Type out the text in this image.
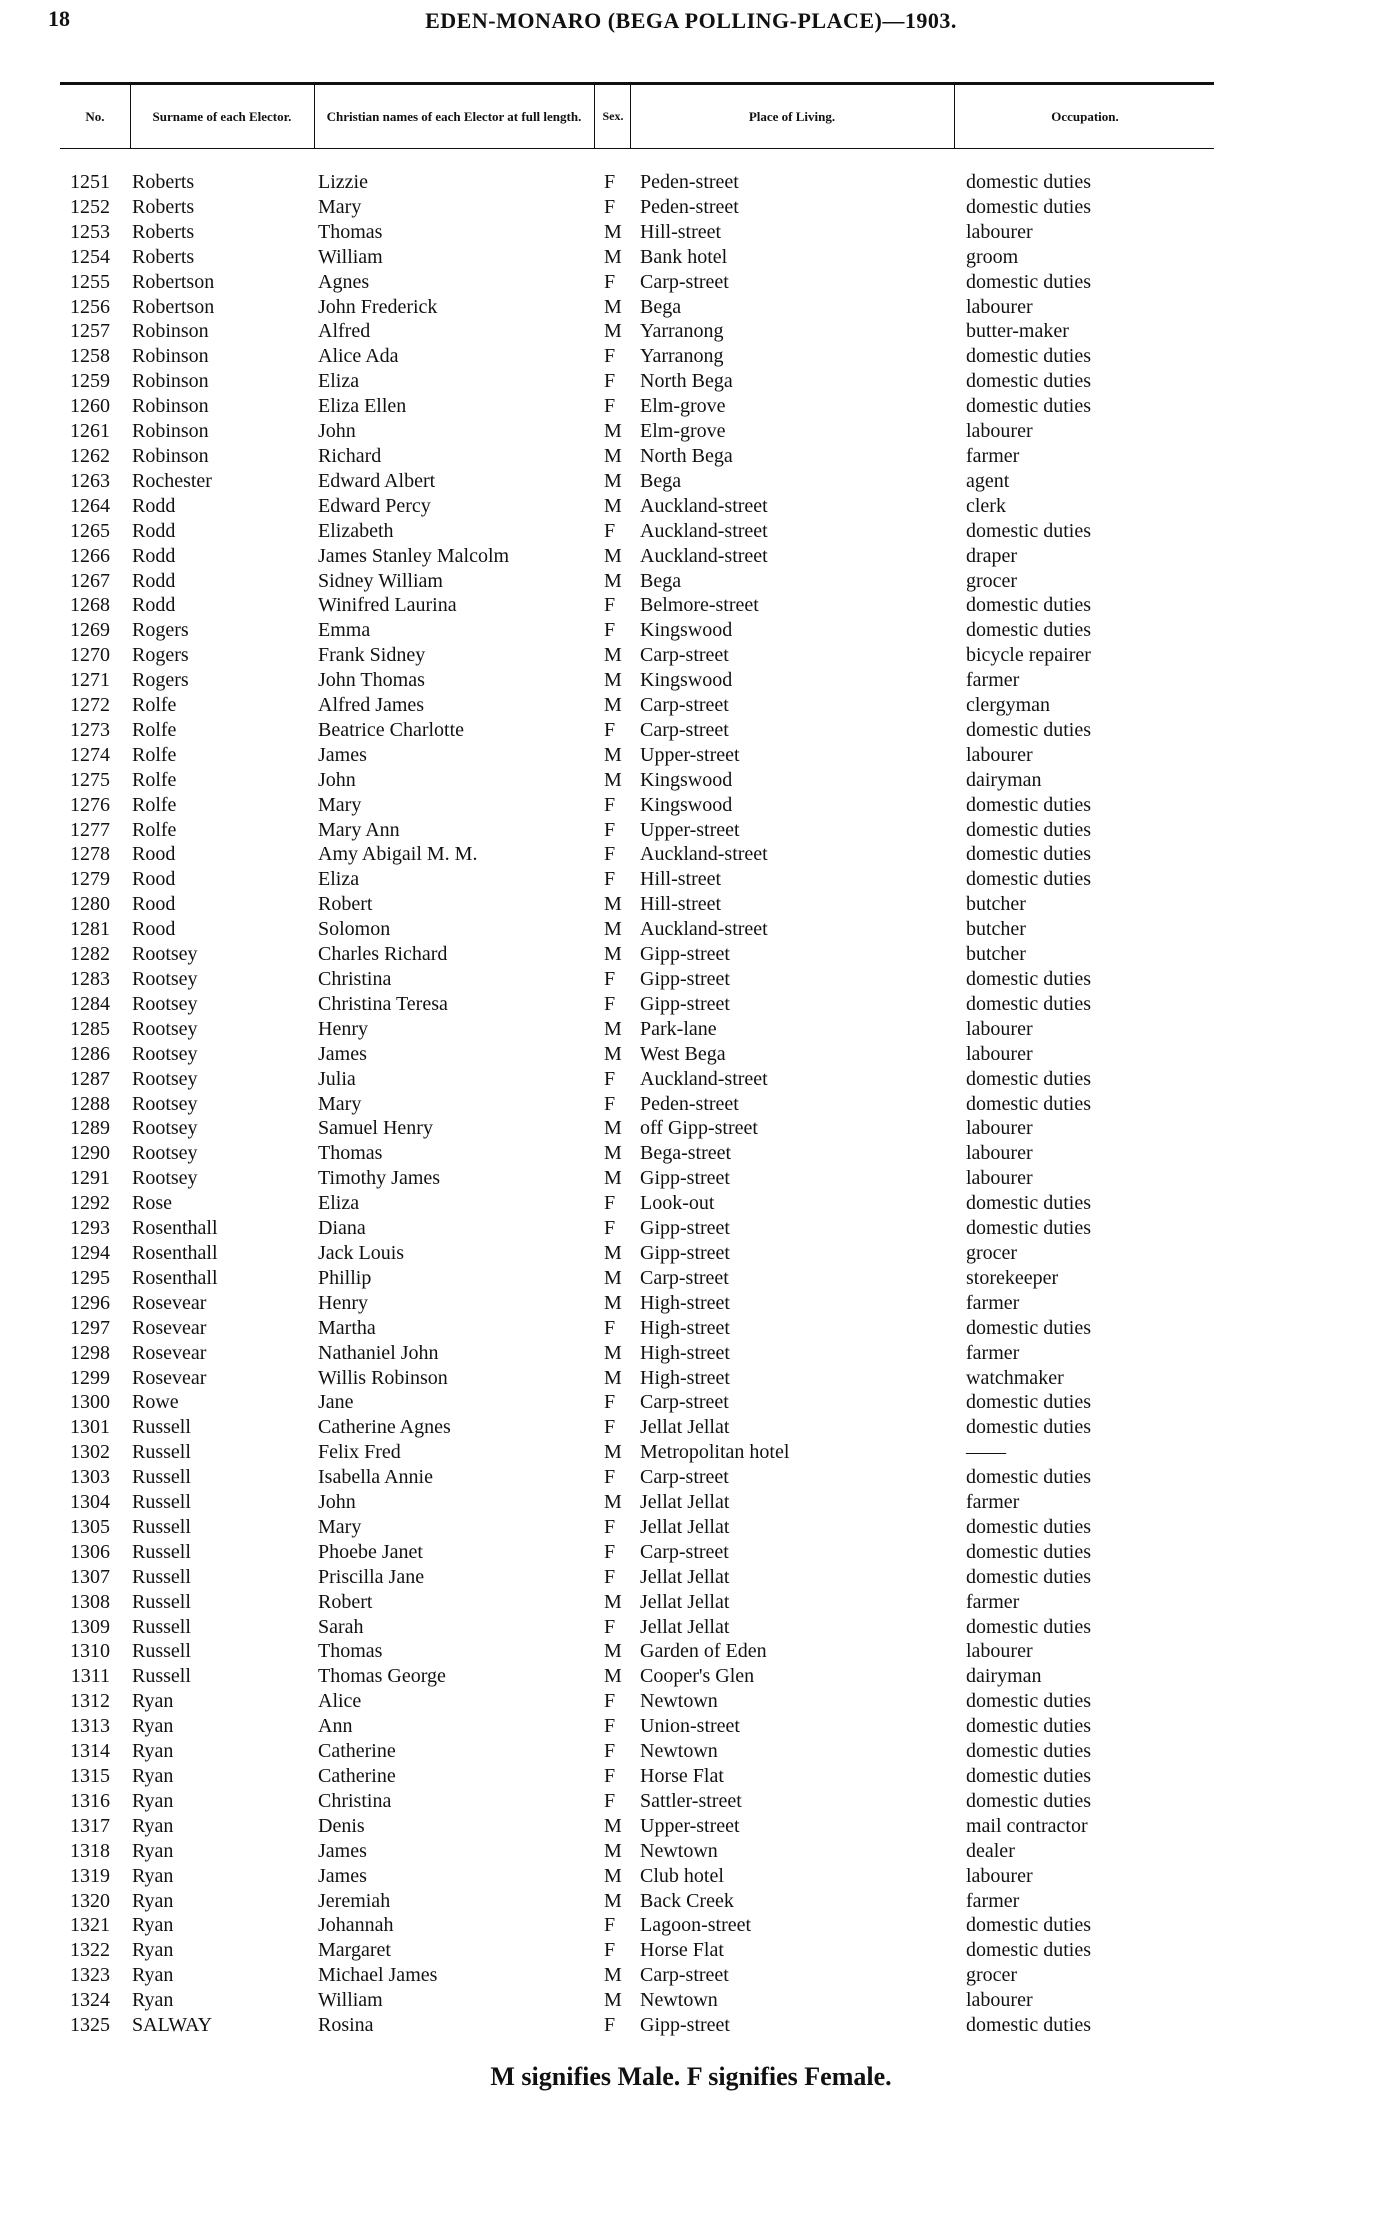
18	EDEN-MONARO (BEGA POLLING-PLACE)—1903.
No.	Surname of each Elector.	Christian names of each Elector at full length.	Sex.	Place of Living.	Occupation.
1251 Roberts	Lizzie	F Peden-street	domestic duties
1252 Roberts	Mary	F Peden-street	domestic duties
1253 Roberts	Thomas	M Hill-street	labourer
1254 Roberts	William	M Bank hotel	groom
1255 Robertson	Agnes	F Carp-street	domestic duties
1256 Robertson	John Frederick	M Bega	labourer
1257 Robinson	Alfred	M Yarranong	butter-maker
1258 Robinson	Alice Ada	F Yarranong	domestic duties
1259 Robinson	Eliza	F North Bega	domestic duties
1260 Robinson	Eliza Ellen	F Elm-grove	domestic duties
1261 Robinson	John	M Elm-grove	labourer
1262 Robinson	Richard	M North Bega	farmer
1263 Rochester	Edward Albert	M Bega	agent
1264 Rodd	Edward Percy	M Auckland-street	clerk
1265 Rodd	Elizabeth	F Auckland-street	domestic duties
1266 Rodd	James Stanley Malcolm	M Auckland-street	draper
1267 Rodd	Sidney William	M Bega	grocer
1268 Rodd	Winifred Laurina	F Belmore-street	domestic duties
1269 Rogers	Emma	F Kingswood	domestic duties
1270 Rogers	Frank Sidney	M Carp-street	bicycle repairer
1271 Rogers	John Thomas	M Kingswood	farmer
1272 Rolfe	Alfred James	M Carp-street	clergyman
1273 Rolfe	Beatrice Charlotte	F Carp-street	domestic duties
1274 Rolfe	James	M Upper-street	labourer
1275 Rolfe	John	M Kingswood	dairyman
1276 Rolfe	Mary	F Kingswood	domestic duties
1277 Rolfe	Mary Ann	F Upper-street	domestic duties
1278 Rood	Amy Abigail M. M.	F Auckland-street	domestic duties
1279 Rood	Eliza	F Hill-street	domestic duties
1280 Rood	Robert	M Hill-street	butcher
1281 Rood	Solomon	M Auckland-street	butcher
1282 Rootsey	Charles Richard	M Gipp-street	butcher
1283 Rootsey	Christina	F Gipp-street	domestic duties
1284 Rootsey	Christina Teresa	F Gipp-street	domestic duties
1285 Rootsey	Henry	M Park-lane	labourer
1286 Rootsey	James	M West Bega	labourer
1287 Rootsey	Julia	F Auckland-street	domestic duties
1288 Rootsey	Mary	F Peden-street	domestic duties
1289 Rootsey	Samuel Henry	M off Gipp-street	labourer
1290 Rootsey	Thomas	M Bega-street	labourer
1291 Rootsey	Timothy James	M Gipp-street	labourer
1292 Rose	Eliza	F Look-out	domestic duties
1293 Rosenthall	Diana	F Gipp-street	domestic duties
1294 Rosenthall	Jack Louis	M Gipp-street	grocer
1295 Rosenthall	Phillip	M Carp-street	storekeeper
1296 Rosevear	Henry	M High-street	farmer
1297 Rosevear	Martha	F High-street	domestic duties
1298 Rosevear	Nathaniel John	M High-street	farmer
1299 Rosevear	Willis Robinson	M High-street	watchmaker
1300 Rowe	Jane	F Carp-street	domestic duties
1301 Russell	Catherine Agnes	F Jellat Jellat	domestic duties
1302 Russell	Felix Fred	M Metropolitan hotel	——
1303 Russell	Isabella Annie	F Carp-street	domestic duties
1304 Russell	John	M Jellat Jellat	farmer
1305 Russell	Mary	F Jellat Jellat	domestic duties
1306 Russell	Phoebe Janet	F Carp-street	domestic duties
1307 Russell	Priscilla Jane	F Jellat Jellat	domestic duties
1308 Russell	Robert	M Jellat Jellat	farmer
1309 Russell	Sarah	F Jellat Jellat	domestic duties
1310 Russell	Thomas	M Garden of Eden	labourer
1311 Russell	Thomas George	M Cooper's Glen	dairyman
1312 Ryan	Alice	F Newtown	domestic duties
1313 Ryan	Ann	F Union-street	domestic duties
1314 Ryan	Catherine	F Newtown	domestic duties
1315 Ryan	Catherine	F Horse Flat	domestic duties
1316 Ryan	Christina	F Sattler-street	domestic duties
1317 Ryan	Denis	M Upper-street	mail contractor
1318 Ryan	James	M Newtown	dealer
1319 Ryan	James	M Club hotel	labourer
1320 Ryan	Jeremiah	M Back Creek	farmer
1321 Ryan	Johannah	F Lagoon-street	domestic duties
1322 Ryan	Margaret	F Horse Flat	domestic duties
1323 Ryan	Michael James	M Carp-street	grocer
1324 Ryan	William	M Newtown	labourer
1325 SALWAY	Rosina	F Gipp-street	domestic duties
M signifies Male. F signifies Female.
